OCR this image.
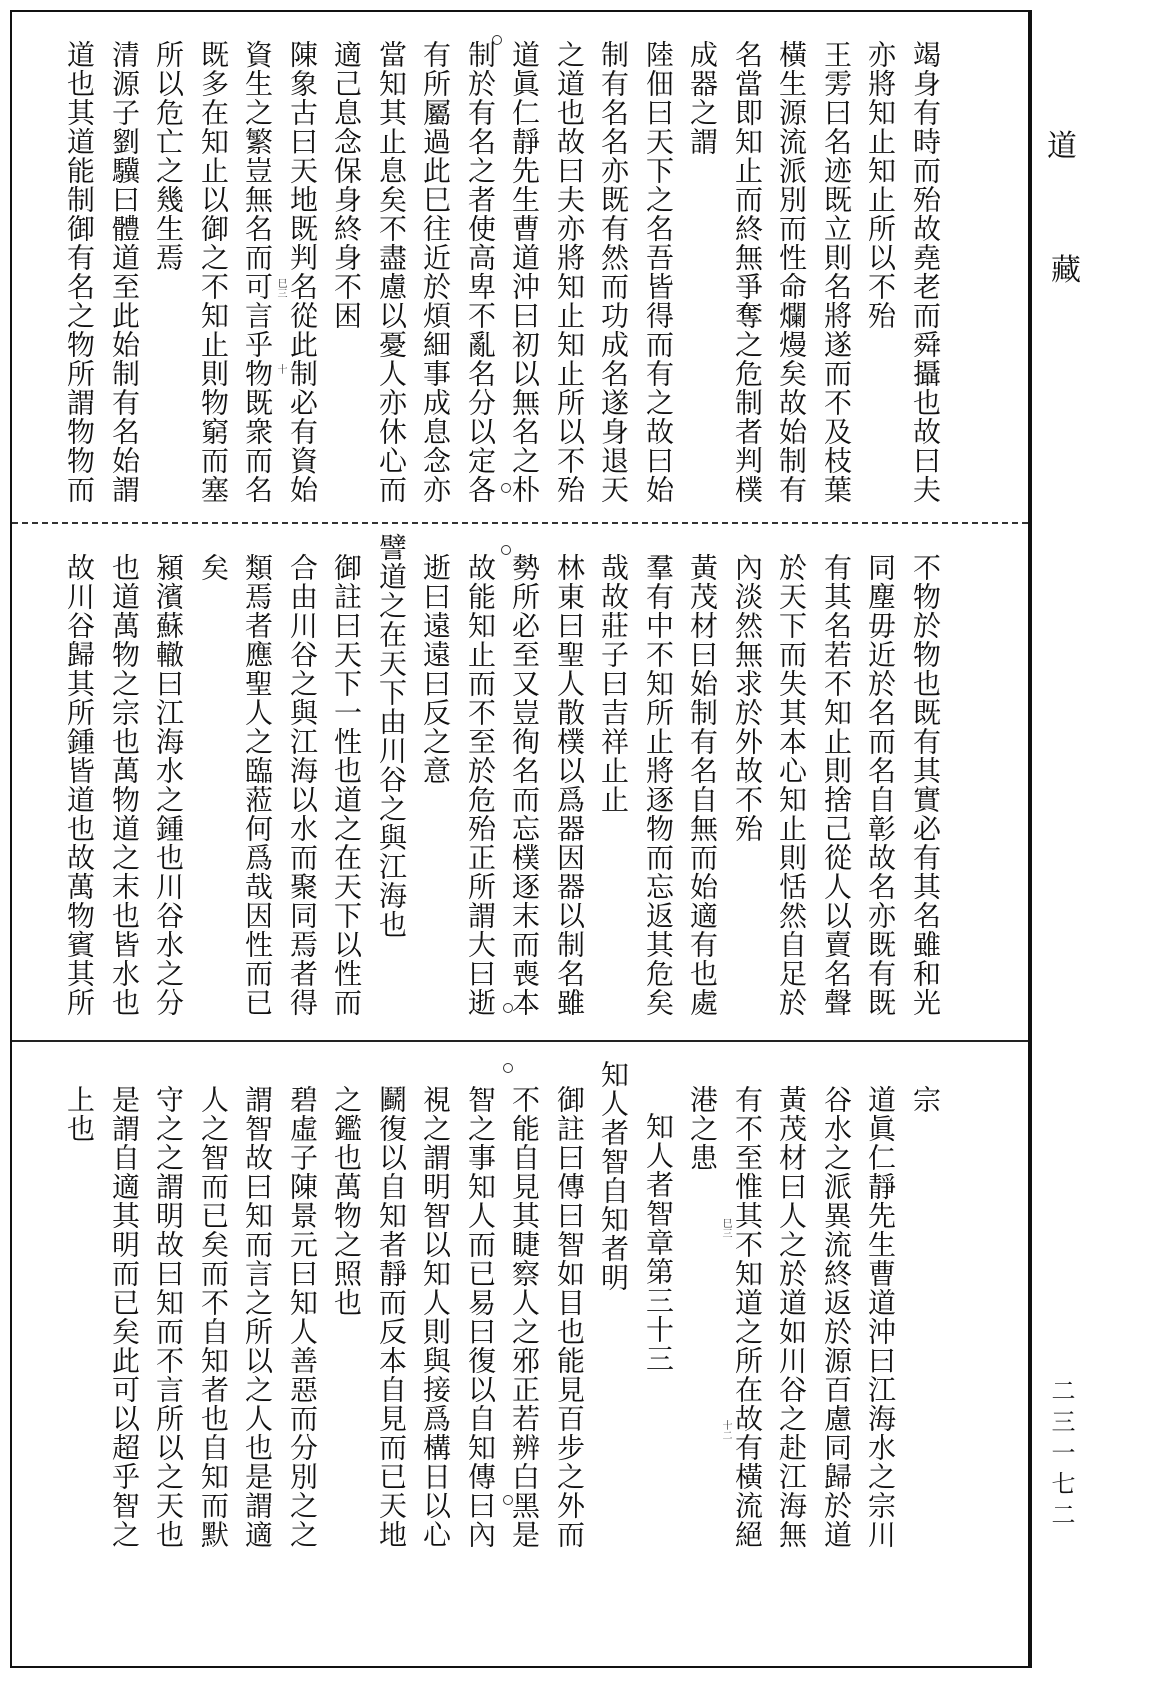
道
藏
二三一七二
竭身有時而殆故堯老而舜攝也故曰夫
亦將知止知止所以不殆
王雱曰名迹既立則名將遂而不及枝葉
橫生源流派別而性命爛熳矣故始制有
名當即知止而終無爭奪之危制者判樸
成器之謂
陸佃曰天下之名吾皆得而有之故曰始
制有名名亦既有然而功成名遂身退天
之道也故曰夫亦將知止知止所以不殆
道眞仁靜先生曹道沖曰初以無名之朴
制於有名之者使高卑不亂名分以定各
有所屬過此巳往近於煩細事成息念亦
當知其止息矣不盡慮以憂人亦休心而
適己息念保身終身不困
陳象古曰天地既判名從此制必有資始
資生之繁豈無名而可言乎物既衆而名
既多在知止以御之不知止則物窮而塞
所以危亡之幾生焉
清源子劉驥曰體道至此始制有名始謂
道也其道能制御有名之物所謂物物而	巳三
十
不物於物也既有其實必有其名雖和光
同塵毋近於名而名自彰故名亦既有既
有其名若不知止則捨己從人以賣名聲
於天下而失其本心知止則恬然自足於
內淡然無求於外故不殆
黃茂材曰始制有名自無而始適有也處
羣有中不知所止將逐物而忘返其危矣
哉故莊子曰吉祥止止
林東曰聖人散樸以爲器因器以制名雖
勢所必至又豈徇名而忘樸逐末而喪本
故能知止而不至於危殆正所謂大曰逝
逝曰遠遠曰反之意
譬道之在天下由川谷之與江海也
御註曰天下一性也道之在天下以性而
合由川谷之與江海以水而聚同焉者得
類焉者應聖人之臨蒞何爲哉因性而已
矣
潁濱蘇轍曰江海水之鍾也川谷水之分
也道萬物之宗也萬物道之末也皆水也
故川谷歸其所鍾皆道也故萬物賓其所
宗
道眞仁靜先生曹道沖曰江海水之宗川
谷水之派異流終返於源百慮同歸於道
黃茂材曰人之於道如川谷之赴江海無
有不至惟其不知道之所在故有橫流絕
港之患
知人者智章第三十三
知人者智自知者明
御註曰傳曰智如目也能見百步之外而
不能自見其睫察人之邪正若辨白黑是
智之事知人而已易曰復以自知傳曰內
視之謂明智以知人則與接爲構日以心
鬬復以自知者靜而反本自見而已天地
之鑑也萬物之照也
碧虛子陳景元曰知人善惡而分別之之
謂智故曰知而言之所以之人也是謂適
人之智而已矣而不自知者也自知而默
守之之謂明故曰知而不言所以之天也
是謂自適其明而已矣此可以超乎智之
上也
巳三
十二
